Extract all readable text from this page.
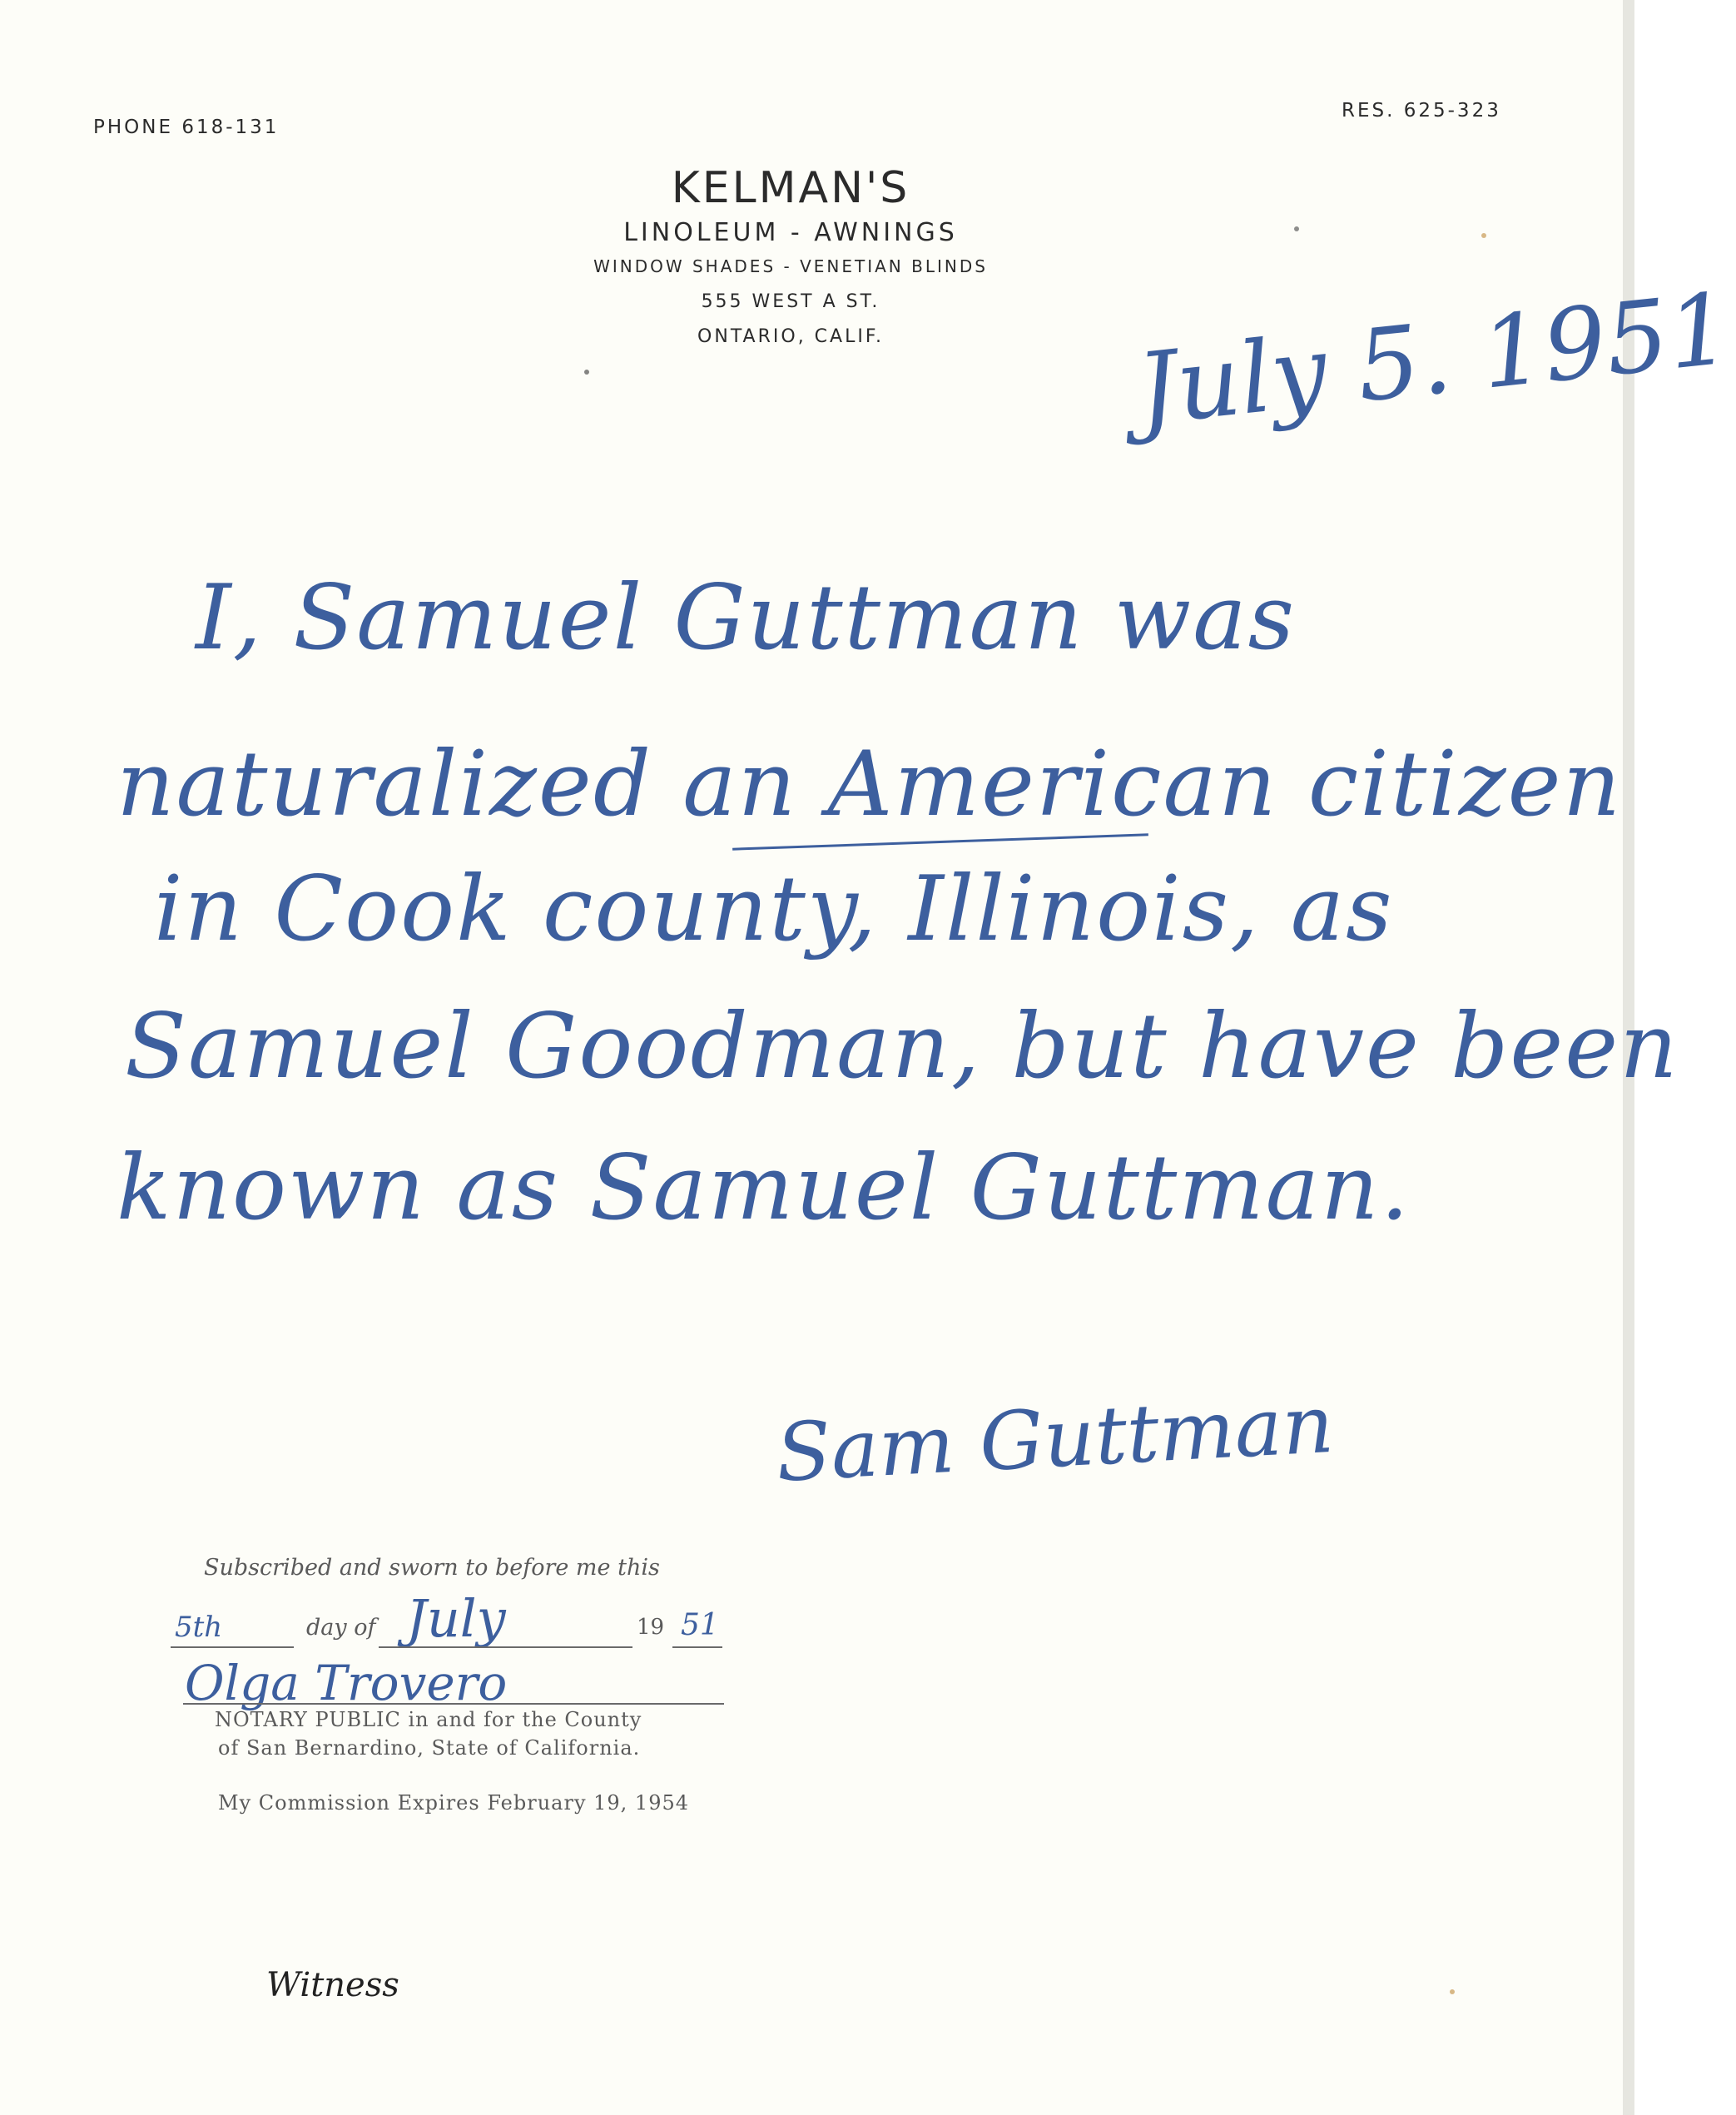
PHONE 618-131
RES. 625-323
KELMAN'S
LINOLEUM - AWNINGS
WINDOW SHADES - VENETIAN BLINDS
555 WEST A ST.
ONTARIO, CALIF.	July 5. 1951
I, Samuel Guttman was
naturalized an American citizen
in Cook county, Illinois, as
Samuel Goodman, but have been
known as Samuel Guttman.
Sam Guttman
Subscribed and sworn to before me this
5th	day of July	19 51
Olga Trovero
NOTARY PUBLIC in and for the County
of San Bernardino, State of California.
My Commission Expires February 19, 1954
Witness
